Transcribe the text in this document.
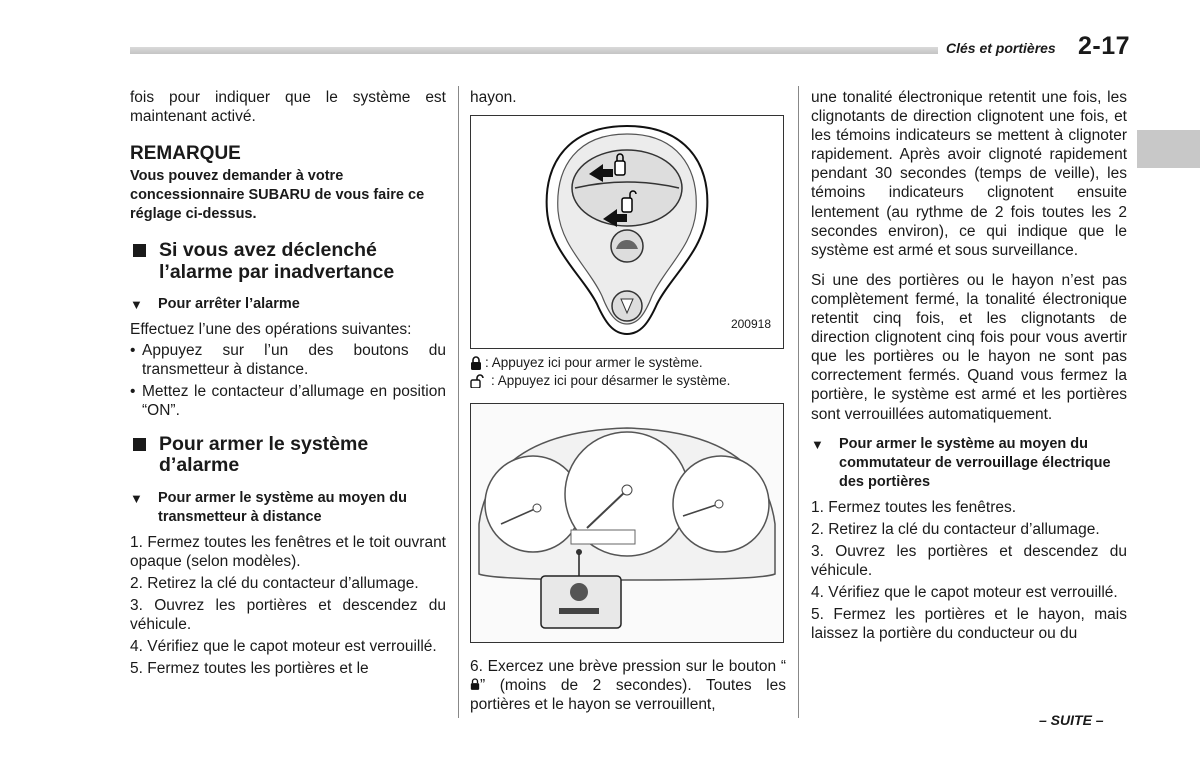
Clés et portières 2-17

fois pour indiquer que le système est maintenant activé.

REMARQUE
Vous pouvez demander à votre concessionnaire SUBARU de vous faire ce réglage ci-dessus.
Si vous avez déclenché l’alarme par inadvertance
▼	Pour arrêter l’alarme

Effectuez l’une des opérations suivantes:

• Appuyez sur l’un des boutons du transmetteur à distance.
• Mettez le contacteur d’allumage en position “ON”.
Pour armer le système d’alarme
▼	Pour armer le système au moyen du transmetteur à distance
1. Fermez toutes les fenêtres et le toit ouvrant opaque (selon modèles).
2. Retirez la clé du contacteur d’allumage.
3. Ouvrez les portières et descendez du véhicule.
4. Vérifiez que le capot moteur est verrouillé.
5. Fermez toutes les portières et le
hayon.
200918
: Appuyez ici pour armer le système.
: Appuyez ici pour désarmer le système.
6. Exercez une brève pression sur le bouton “” (moins de 2 secondes). Toutes les portières et le hayon se verrouillent,

une tonalité électronique retentit une fois, les clignotants de direction clignotent une fois, et les témoins indicateurs se mettent à clignoter rapidement. Après avoir clignoté rapidement pendant 30 secondes (temps de veille), les témoins indicateurs clignotent ensuite lentement (au rythme de 2 fois toutes les 2 secondes environ), ce qui indique que le système est armé et sous surveillance.

Si une des portières ou le hayon n’est pas complètement fermé, la tonalité électronique retentit cinq fois, et les clignotants de direction clignotent cinq fois pour vous avertir que les portières ou le hayon ne sont pas correctement fermés. Quand vous fermez la portière, le système est armé et les portières sont verrouillées automatiquement.

▼	Pour armer le système au moyen du commutateur de verrouillage électrique des portières
1. Fermez toutes les fenêtres.
2. Retirez la clé du contacteur d’allumage.
3. Ouvrez les portières et descendez du véhicule.
4. Vérifiez que le capot moteur est verrouillé.
5. Fermez les portières et le hayon, mais laissez la portière du conducteur ou du
– SUITE –
